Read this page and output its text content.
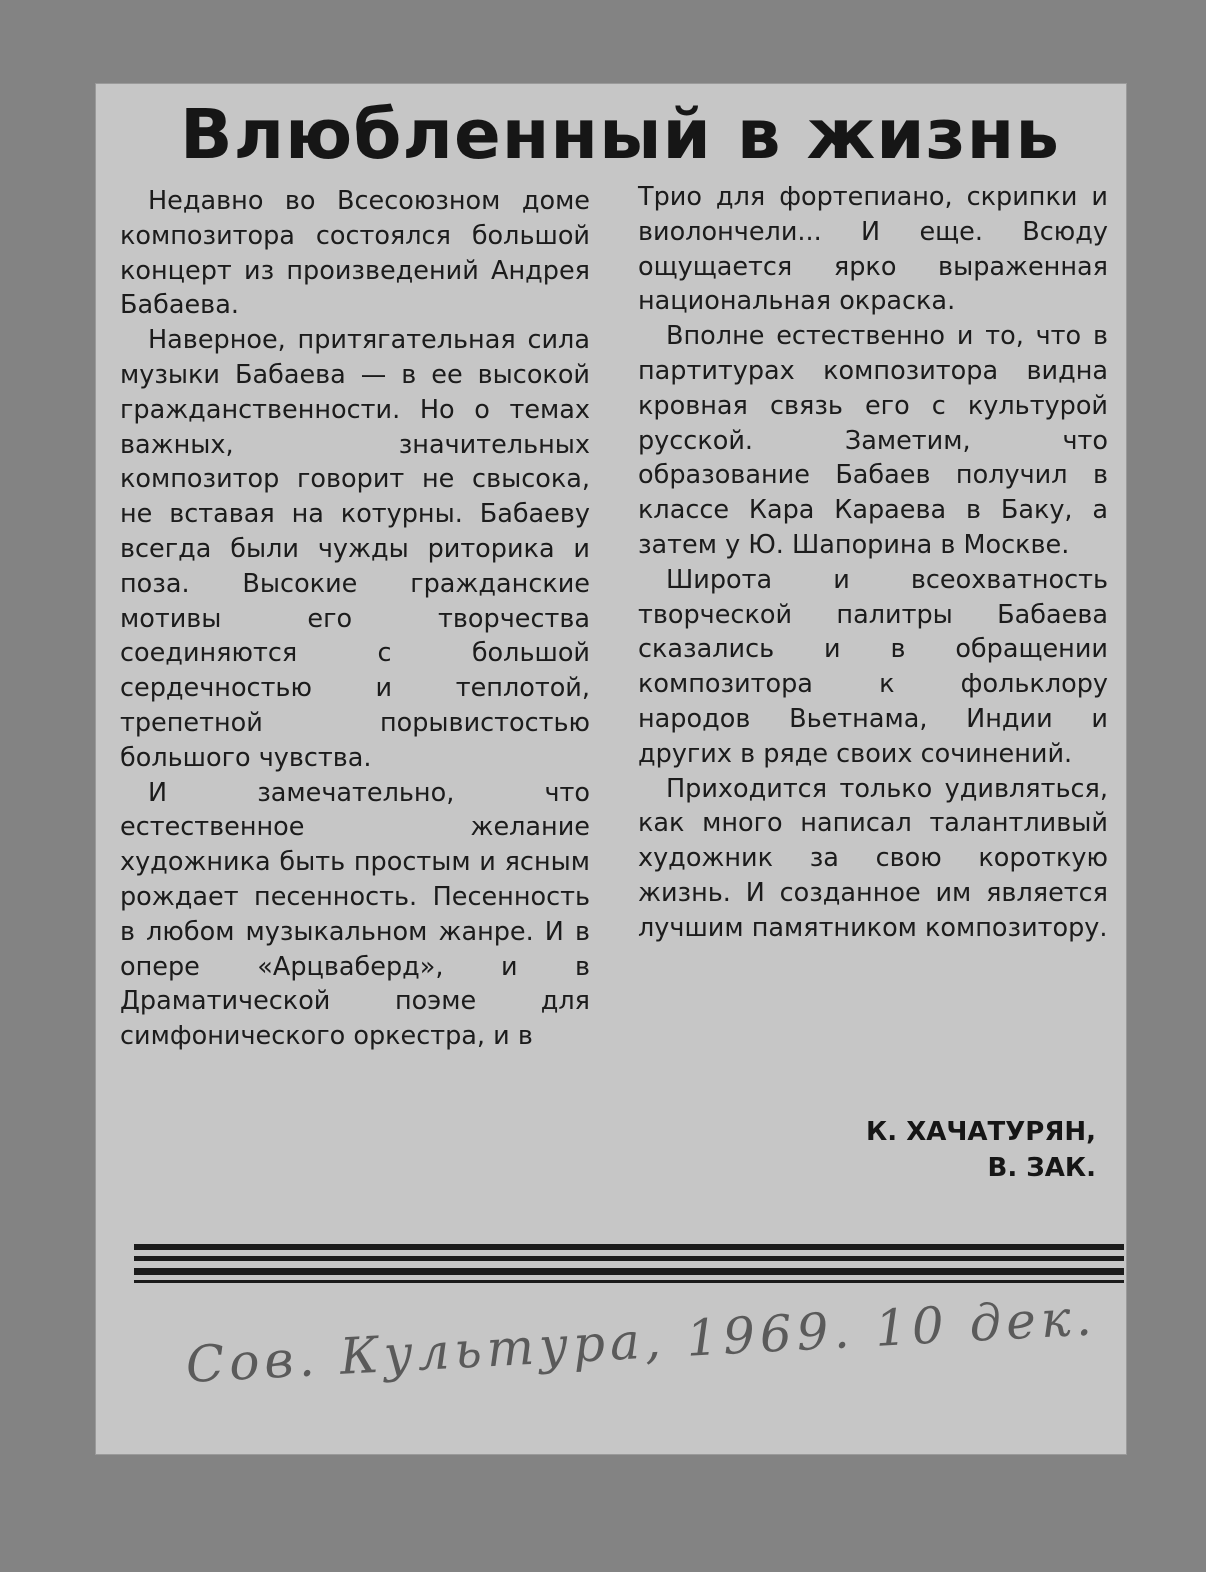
Влюбленный в жизнь

Недавно во Всесоюзном доме композитора состоялся большой концерт из произведений Андрея Бабаева.

Наверное, притягательная сила музыки Бабаева — в ее высокой гражданственности. Но о темах важных, значительных композитор говорит не свысока, не вставая на котурны. Бабаеву всегда были чужды риторика и поза. Высокие гражданские мотивы его творчества соединяются с большой сердечностью и теплотой, трепетной порывистостью большого чувства.

И замечательно, что естественное желание художника быть простым и ясным рождает песенность. Песенность в любом музыкальном жанре. И в опере «Арцваберд», и в Драматической поэме для симфонического оркестра, и в

Трио для фортепиано, скрипки и виолончели... И еще. Всюду ощущается ярко выраженная национальная окраска.

Вполне естественно и то, что в партитурах композитора видна кровная связь его с культурой русской. Заметим, что образование Бабаев получил в классе Кара Караева в Баку, а затем у Ю. Шапорина в Москве.

Широта и всеохватность творческой палитры Бабаева сказались и в обращении композитора к фольклору народов Вьетнама, Индии и других в ряде своих сочинений.

Приходится только удивляться, как много написал талантливый художник за свою короткую жизнь. И созданное им является лучшим памятником композитору.

К. ХАЧАТУРЯН,
В. ЗАК.
Сов. Культура, 1969. 10 дек.
